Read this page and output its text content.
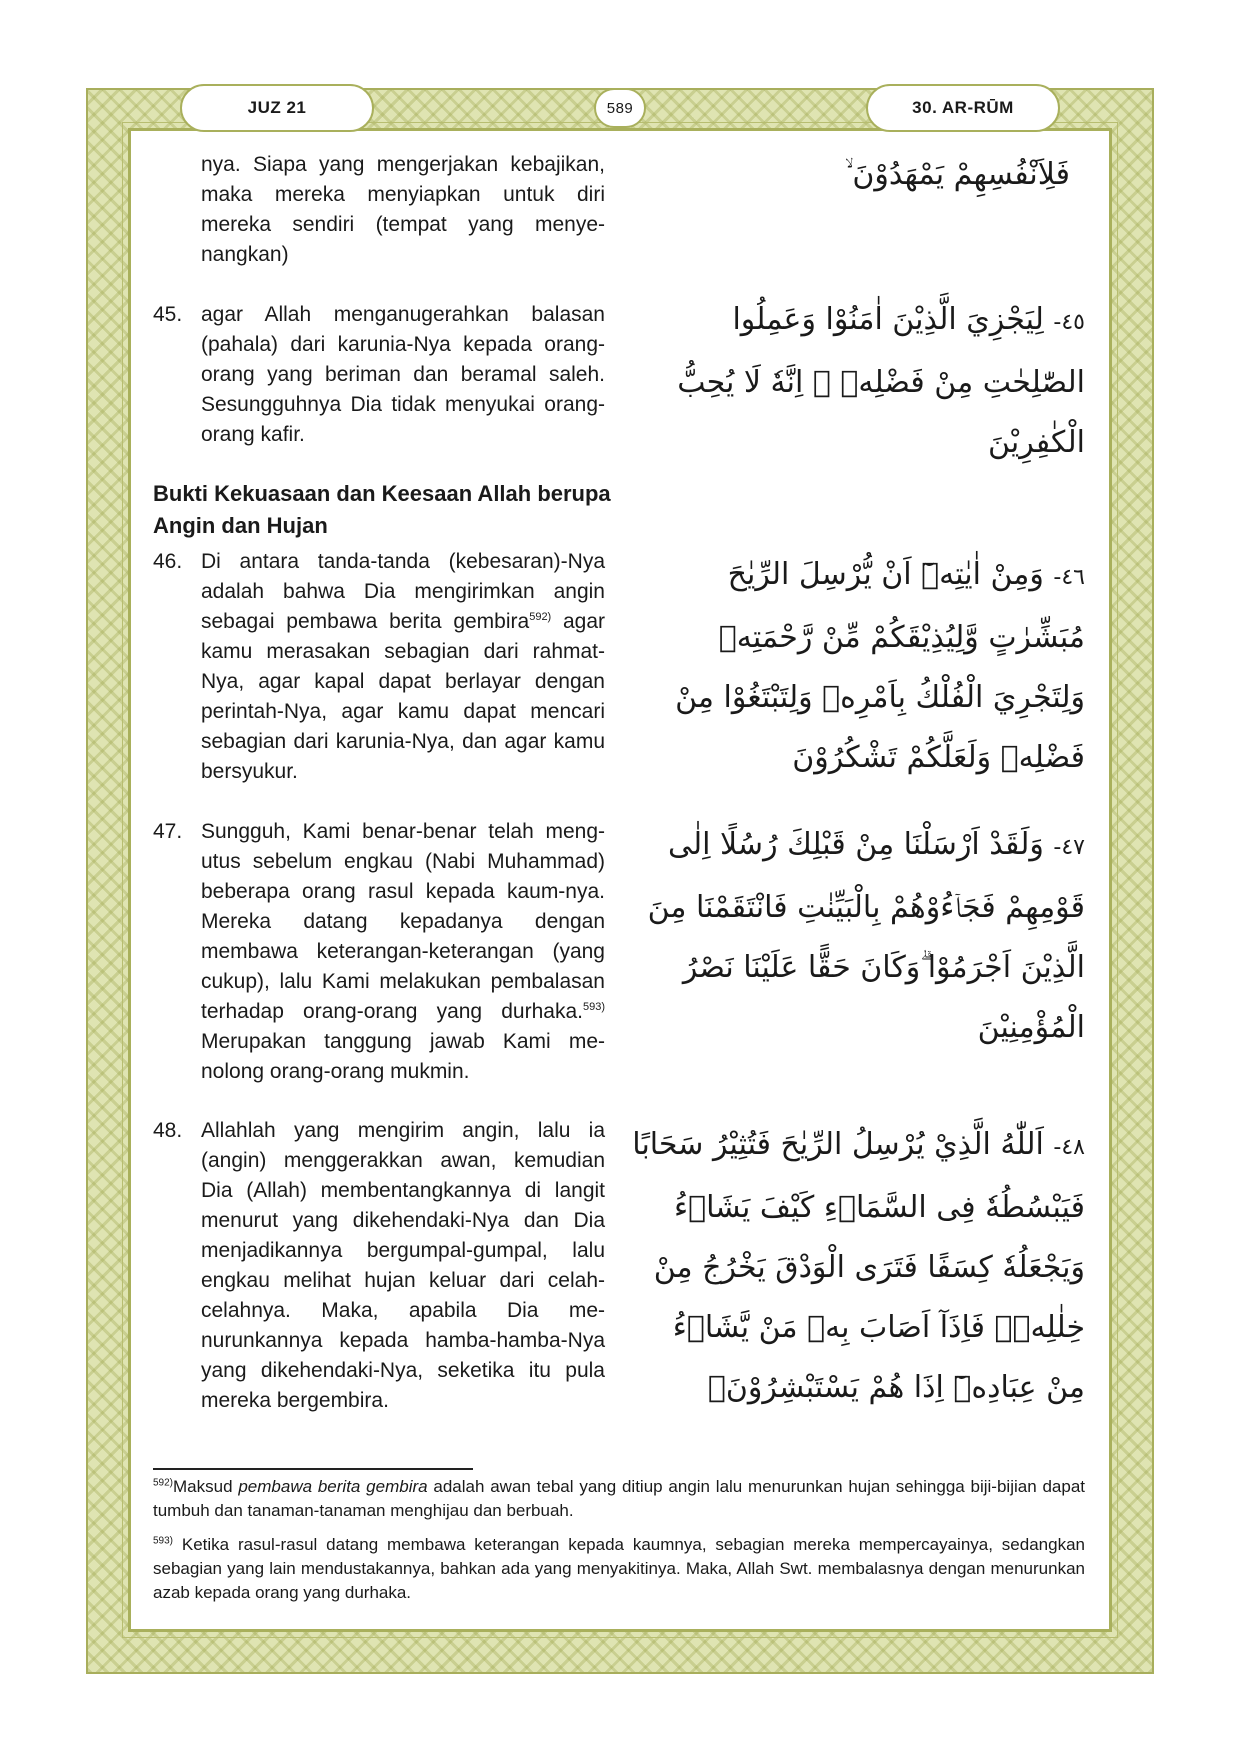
JUZ 21	589	30. AR-RŪM
nya. Siapa yang mengerjakan kebajikan, maka mereka menyiapkan untuk diri mereka sendiri (tempat yang menye-nangkan)
فَلِاَنْفُسِهِمْ يَمْهَدُوْنَ ۙ
45. agar Allah menganugerahkan balasan (pahala) dari karunia-Nya kepada orang-orang yang beriman dan beramal saleh. Sesungguhnya Dia tidak menyukai orang-orang kafir.
٤٥- لِيَجْزِيَ الَّذِيْنَ اٰمَنُوْا وَعَمِلُوا الصّٰلِحٰتِ مِنْ فَضْلِهٖ ۗ اِنَّهٗ لَا يُحِبُّ الْكٰفِرِيْنَ
Bukti Kekuasaan dan Keesaan Allah berupa Angin dan Hujan
46. Di antara tanda-tanda (kebesaran)-Nya adalah bahwa Dia mengirimkan angin sebagai pembawa berita gembira$^{592)}$ agar kamu merasakan sebagian dari rahmat-Nya, agar kapal dapat berlayar dengan perintah-Nya, agar kamu dapat mencari sebagian dari karunia-Nya, dan agar kamu bersyukur.
٤٦- وَمِنْ اٰيٰتِهٖٓ اَنْ يُّرْسِلَ الرِّيٰحَ مُبَشِّرٰتٍ وَّلِيُذِيْقَكُمْ مِّنْ رَّحْمَتِهٖ وَلِتَجْرِيَ الْفُلْكُ بِاَمْرِهٖ وَلِتَبْتَغُوْا مِنْ فَضْلِهٖ وَلَعَلَّكُمْ تَشْكُرُوْنَ
47. Sungguh, Kami benar-benar telah meng-utus sebelum engkau (Nabi Muhammad) beberapa orang rasul kepada kaum-nya. Mereka datang kepadanya dengan membawa keterangan-keterangan (yang cukup), lalu Kami melakukan pembalasan terhadap orang-orang yang durhaka.$^{593)}$ Merupakan tanggung jawab Kami me-nolong orang-orang mukmin.
٤٧- وَلَقَدْ اَرْسَلْنَا مِنْ قَبْلِكَ رُسُلًا اِلٰى قَوْمِهِمْ فَجَاۤءُوْهُمْ بِالْبَيِّنٰتِ فَانْتَقَمْنَا مِنَ الَّذِيْنَ اَجْرَمُوْا ۗوَكَانَ حَقًّا عَلَيْنَا نَصْرُ الْمُؤْمِنِيْنَ
48. Allahlah yang mengirim angin, lalu ia (angin) menggerakkan awan, kemudian Dia (Allah) membentangkannya di langit menurut yang dikehendaki-Nya dan Dia menjadikannya bergumpal-gumpal, lalu engkau melihat hujan keluar dari celah-celahnya. Maka, apabila Dia me-nurunkannya kepada hamba-hamba-Nya yang dikehendaki-Nya, seketika itu pula mereka bergembira.
٤٨- اَللّٰهُ الَّذِيْ يُرْسِلُ الرِّيٰحَ فَتُثِيْرُ سَحَابًا فَيَبْسُطُهٗ فِى السَّمَاۤءِ كَيْفَ يَشَاۤءُ وَيَجْعَلُهٗ كِسَفًا فَتَرَى الْوَدْقَ يَخْرُجُ مِنْ خِلٰلِهٖۚ فَاِذَآ اَصَابَ بِهٖ مَنْ يَّشَاۤءُ مِنْ عِبَادِهٖٓ اِذَا هُمْ يَسْتَبْشِرُوْنَۚ
$^{592)}$Maksud pembawa berita gembira adalah awan tebal yang ditiup angin lalu menurunkan hujan sehingga biji-bijian dapat tumbuh dan tanaman-tanaman menghijau dan berbuah.
$^{593)}$ Ketika rasul-rasul datang membawa keterangan kepada kaumnya, sebagian mereka mempercayainya, sedangkan sebagian yang lain mendustakannya, bahkan ada yang menyakitinya. Maka, Allah Swt. membalasnya dengan menurunkan azab kepada orang yang durhaka.
